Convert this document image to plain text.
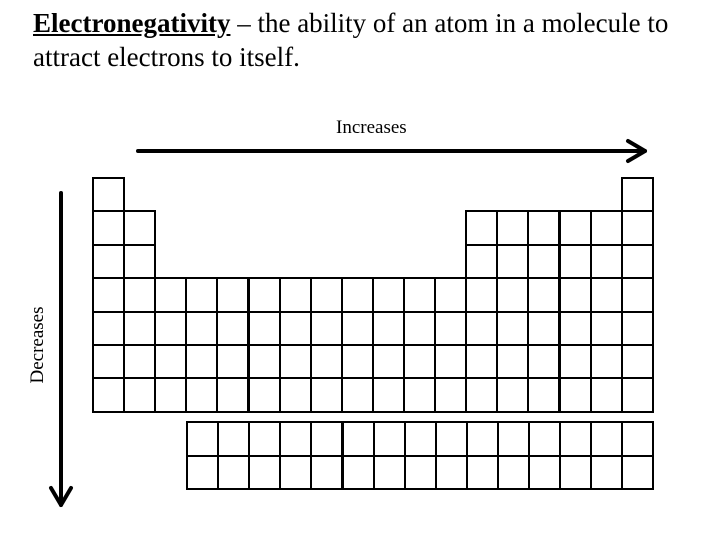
Electronegativity – the ability of an atom in a molecule to attract electrons to itself.
Increases
Decreases
